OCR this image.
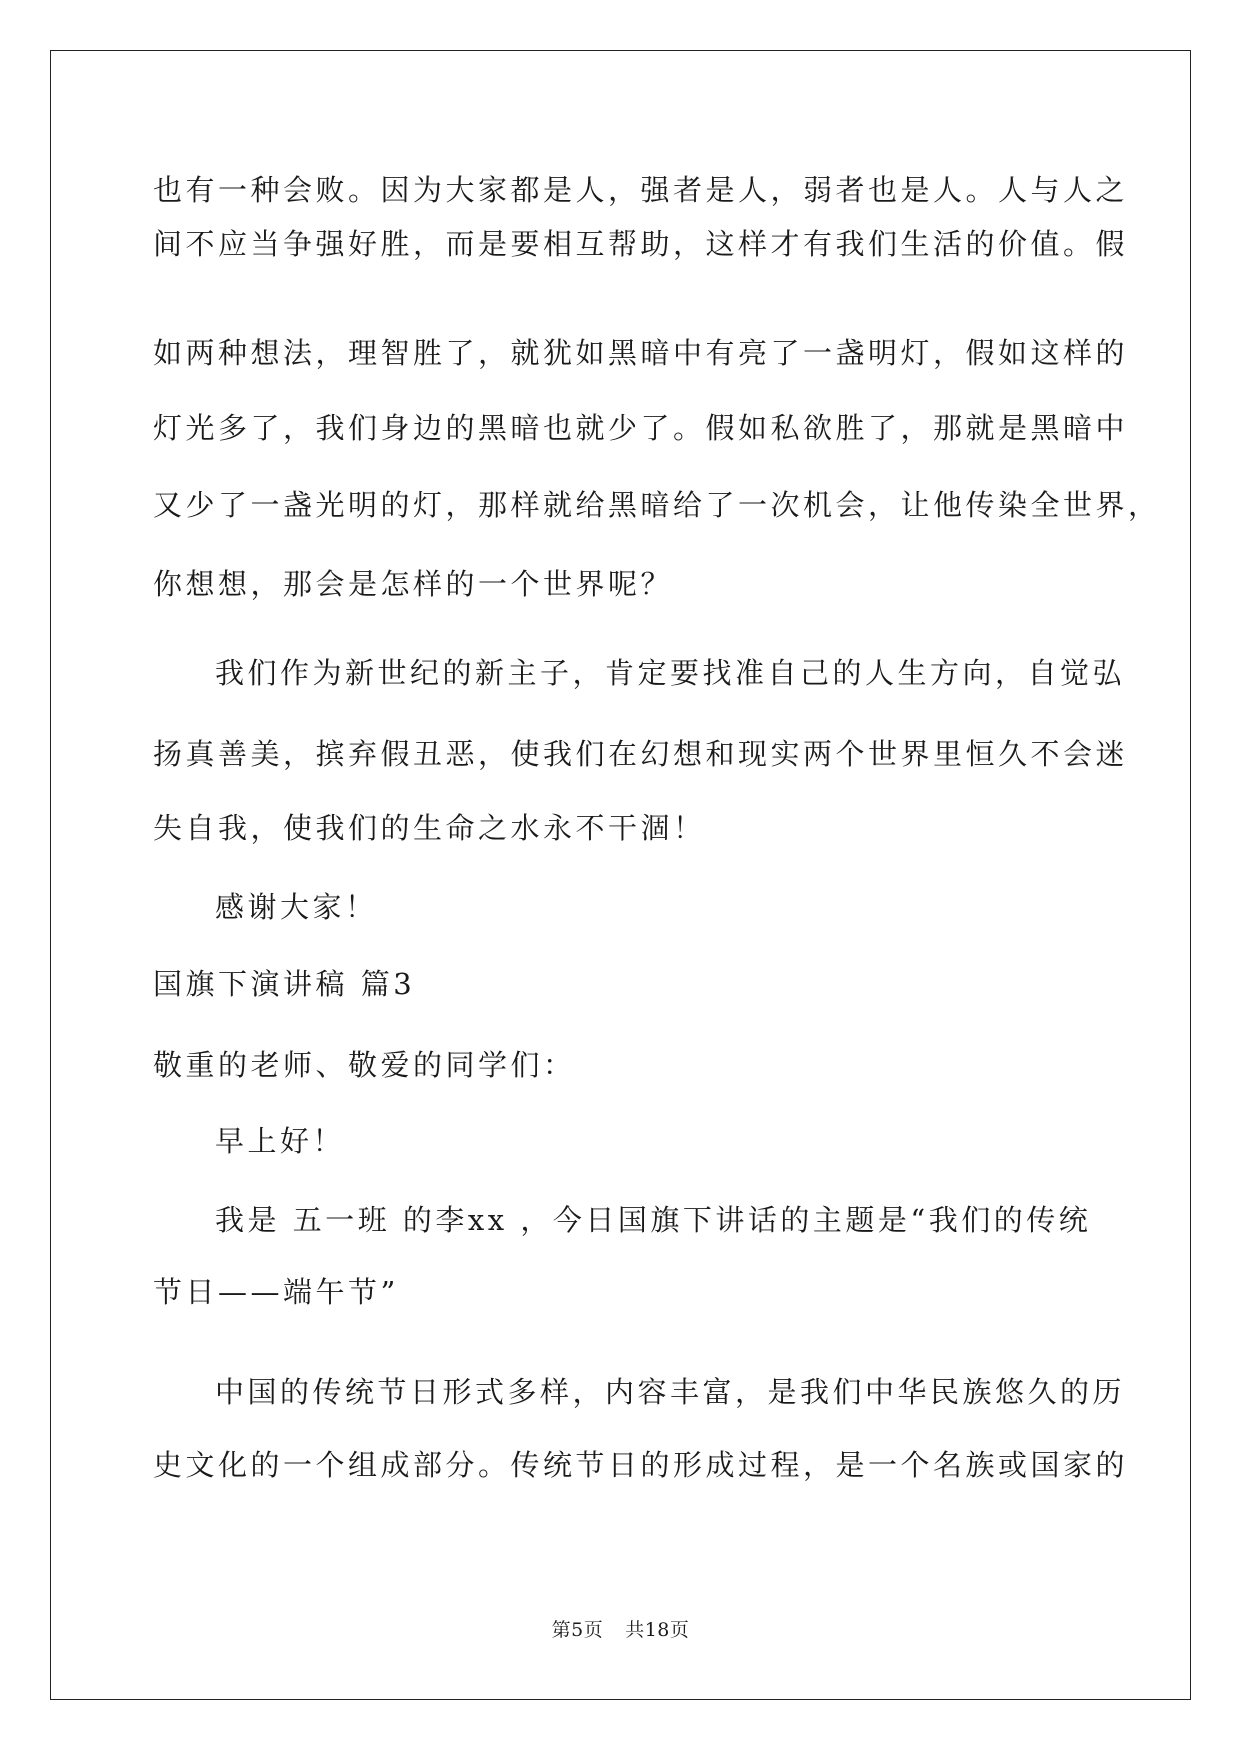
也有一种会败。因为大家都是人，强者是人，弱者也是人。人与人之
间不应当争强好胜，而是要相互帮助，这样才有我们生活的价值。假
如两种想法，理智胜了，就犹如黑暗中有亮了一盏明灯，假如这样的
灯光多了，我们身边的黑暗也就少了。假如私欲胜了，那就是黑暗中
又少了一盏光明的灯，那样就给黑暗给了一次机会，让他传染全世界，
你想想，那会是怎样的一个世界呢？
我们作为新世纪的新主子，肯定要找准自己的人生方向，自觉弘
扬真善美，摈弃假丑恶，使我们在幻想和现实两个世界里恒久不会迷
失自我，使我们的生命之水永不干涸！
感谢大家！
国旗下演讲稿 篇3
敬重的老师、敬爱的同学们：
早上好！
我是 五一班 的李xx ，今日国旗下讲话的主题是“我们的传统
节日——端午节”
中国的传统节日形式多样，内容丰富，是我们中华民族悠久的历
史文化的一个组成部分。传统节日的形成过程，是一个名族或国家的
第5页 共18页
